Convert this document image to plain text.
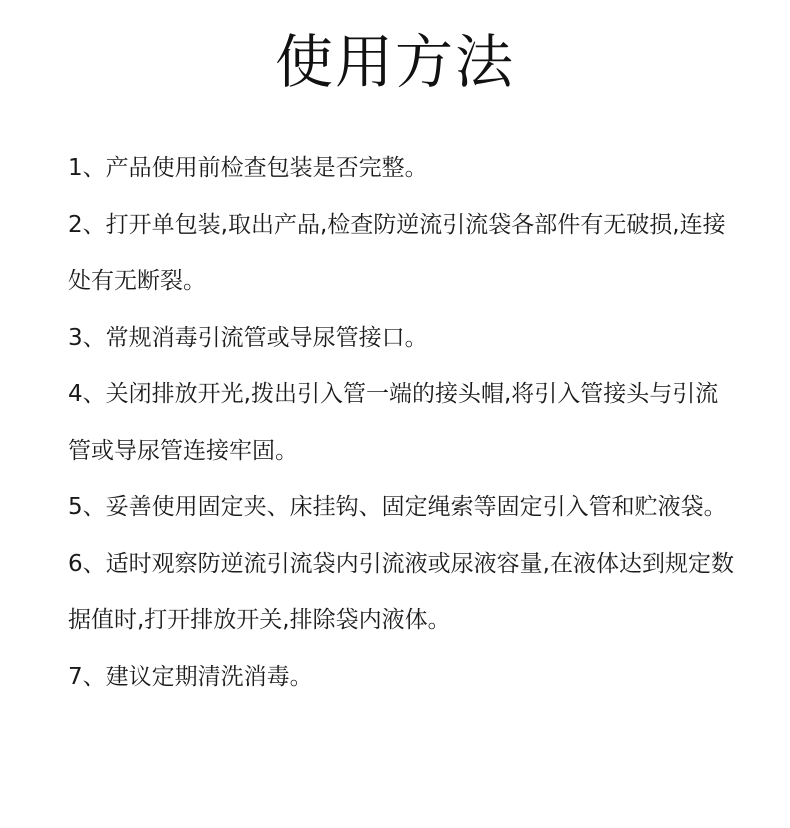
使用方法
1、产品使用前检查包装是否完整。
2、打开单包装,取出产品,检查防逆流引流袋各部件有无破损,连接处有无断裂。
3、常规消毒引流管或导尿管接口。
4、关闭排放开光,拨出引入管一端的接头帽,将引入管接头与引流管或导尿管连接牢固。
5、妥善使用固定夹、床挂钩、固定绳索等固定引入管和贮液袋。
6、适时观察防逆流引流袋内引流液或尿液容量,在液体达到规定数据值时,打开排放开关,排除袋内液体。
7、建议定期清洗消毒。
